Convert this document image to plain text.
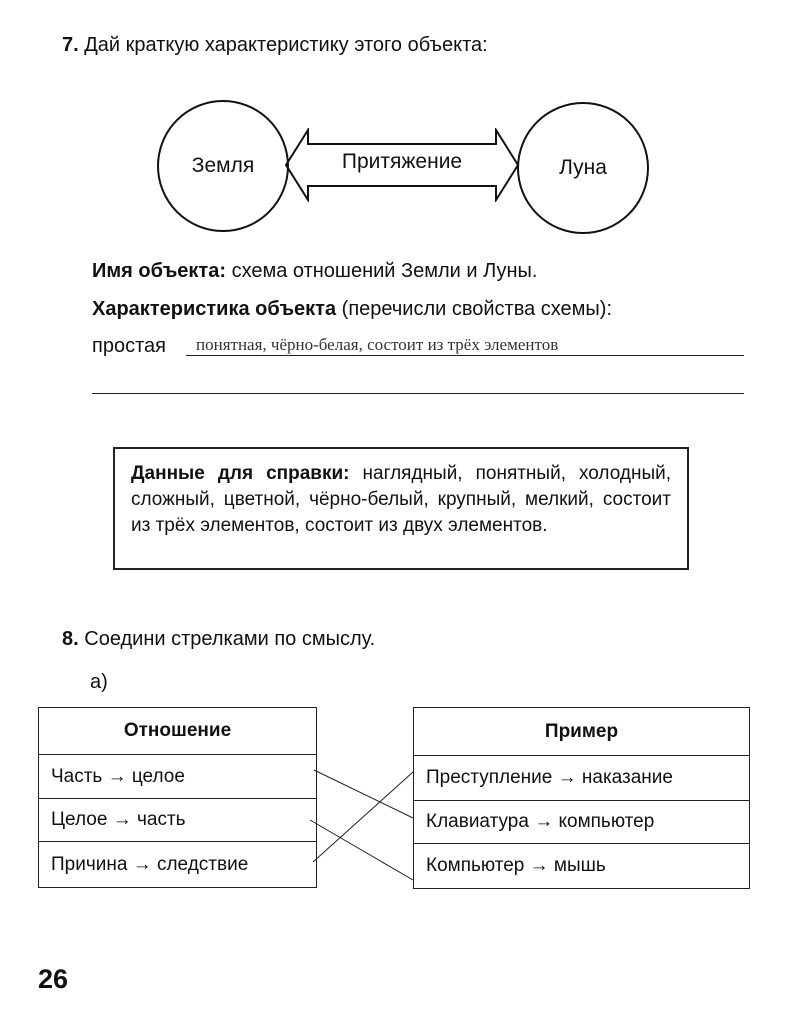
7. Дай краткую характеристику этого объекта:
Земля	Луна
Притяжение
Имя объекта: схема отношений Земли и Луны.
Характеристика объекта (перечисли свойства схемы):
простая понятная, чёрно-белая, состоит из трёх элементов
Данные для справки: наглядный, понятный, холодный, сложный, цветной, чёрно-белый, крупный, мелкий, состоит из трёх элементов, состоит из двух элементов.
8. Соедини стрелками по смыслу.
а)
Отношение
Часть → целое
Целое → часть
Причина → следствие
Пример
Преступление → наказание
Клавиатура → компьютер
Компьютер → мышь
26
